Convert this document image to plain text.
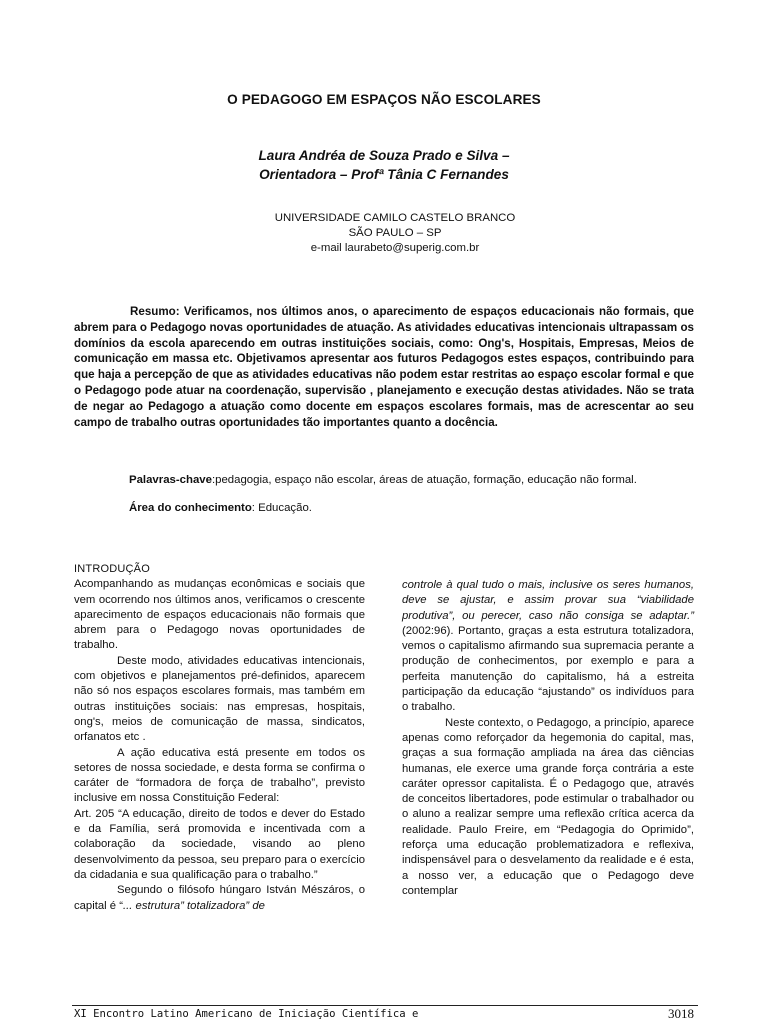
O PEDAGOGO EM ESPAÇOS NÃO ESCOLARES
Laura Andréa de Souza Prado e Silva –
Orientadora – Profª Tânia C Fernandes
UNIVERSIDADE CAMILO CASTELO BRANCO
SÃO PAULO – SP
e-mail laurabeto@superig.com.br
Resumo: Verificamos, nos últimos anos, o aparecimento de espaços educacionais não formais, que abrem para o Pedagogo novas oportunidades de atuação. As atividades educativas intencionais ultrapassam os domínios da escola aparecendo em outras instituições sociais, como: Ong's, Hospitais, Empresas, Meios de comunicação em massa etc. Objetivamos apresentar aos futuros Pedagogos estes espaços, contribuindo para que haja a percepção de que as atividades educativas não podem estar restritas ao espaço escolar formal e que o Pedagogo pode atuar na coordenação, supervisão , planejamento e execução destas atividades. Não se trata de negar ao Pedagogo a atuação como docente em espaços escolares formais, mas de acrescentar ao seu campo de trabalho outras oportunidades tão importantes quanto a docência.
Palavras-chave:pedagogia, espaço não escolar, áreas de atuação, formação, educação não formal.
Área do conhecimento: Educação.

INTRODUÇÃO

Acompanhando as mudanças econômicas e sociais que vem ocorrendo nos últimos anos, verificamos o crescente aparecimento de espaços educacionais não formais que abrem para o Pedagogo novas oportunidades de trabalho.

Deste modo, atividades educativas intencionais, com objetivos e planejamentos pré-definidos, aparecem não só nos espaços escolares formais, mas também em outras instituições sociais: nas empresas, hospitais, ong's, meios de comunicação de massa, sindicatos, orfanatos etc .

A ação educativa está presente em todos os setores de nossa sociedade, e desta forma se confirma o caráter de “formadora de força de trabalho”, previsto inclusive em nossa Constituição Federal:

Art. 205 “A educação, direito de todos e dever do Estado e da Família, será promovida e incentivada com a colaboração da sociedade, visando ao pleno desenvolvimento da pessoa, seu preparo para o exercício da cidadania e sua qualificação para o trabalho.”

Segundo o filósofo húngaro István Mészáros, o capital é “... estrutura” totalizadora” de

controle à qual tudo o mais, inclusive os seres humanos, deve se ajustar, e assim provar sua “viabilidade produtiva”, ou perecer, caso não consiga se adaptar.” (2002:96). Portanto, graças a esta estrutura totalizadora, vemos o capitalismo afirmando sua supremacia perante a produção de conhecimentos, por exemplo e para a perfeita manutenção do capitalismo, há a estreita participação da educação “ajustando” os indivíduos para o trabalho.

Neste contexto, o Pedagogo, a princípio, aparece apenas como reforçador da hegemonia do capital, mas, graças a sua formação ampliada na área das ciências humanas, ele exerce uma grande força contrária a este caráter opressor capitalista. É o Pedagogo que, através de conceitos libertadores, pode estimular o trabalhador ou o aluno a realizar sempre uma reflexão crítica acerca da realidade. Paulo Freire, em “Pedagogia do Oprimido”, reforça uma educação problematizadora e reflexiva, indispensável para o desvelamento da realidade e é esta, a nosso ver, a educação que o Pedagogo deve contemplar

XI Encontro Latino Americano de Iniciação Científica e	3018
